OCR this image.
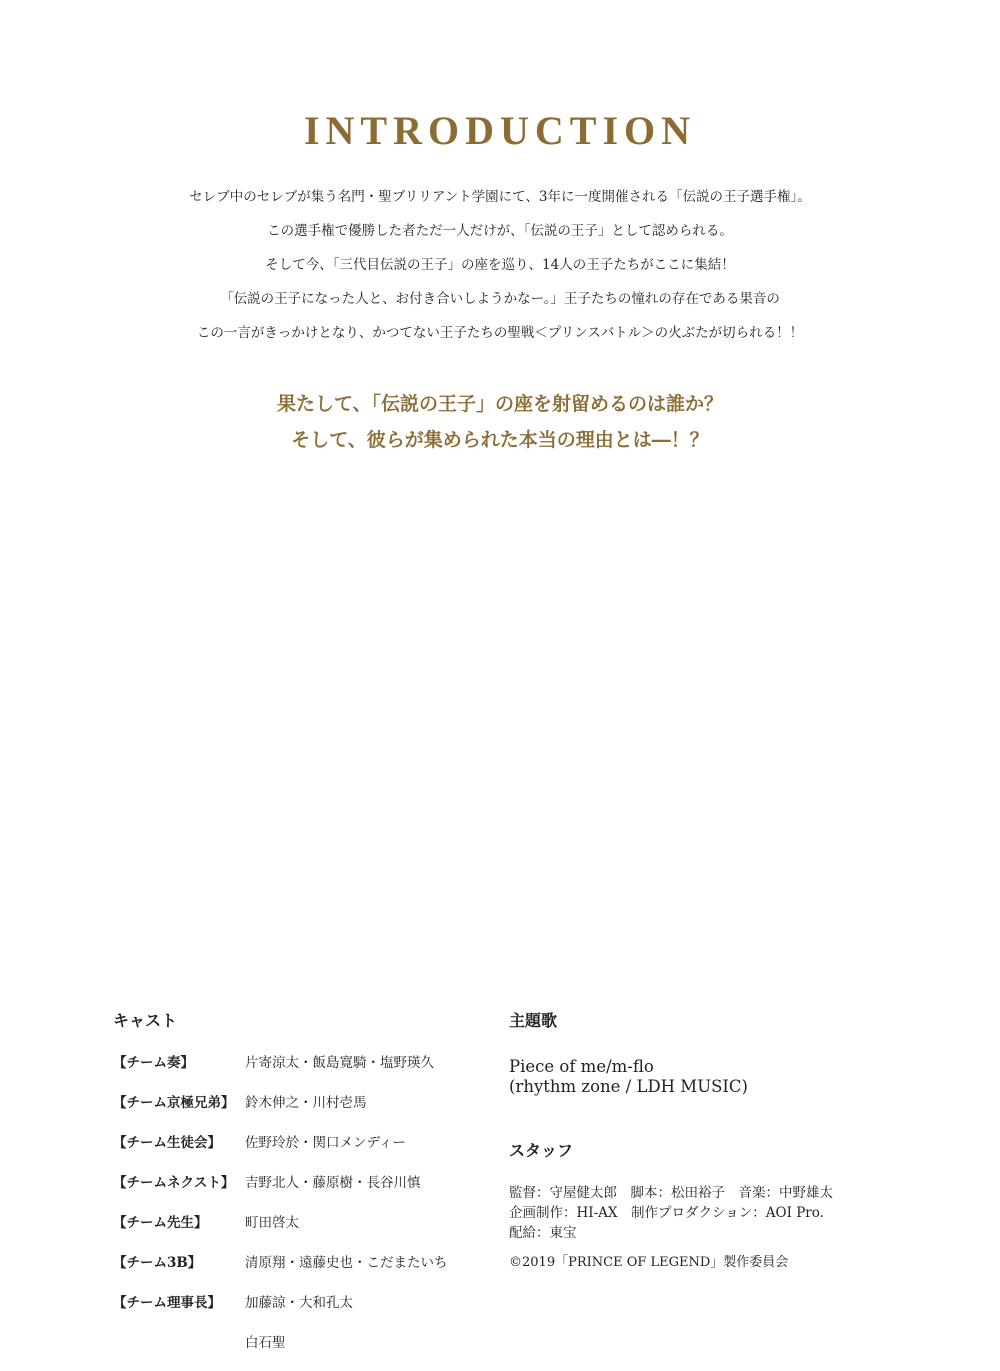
INTRODUCTION
セレブ中のセレブが集う名門・聖ブリリアント学園にて、3年に一度開催される「伝説の王子選手権」。
この選手権で優勝した者ただ一人だけが、「伝説の王子」として認められる。
そして今、「三代目伝説の王子」の座を巡り、14人の王子たちがここに集結！
「伝説の王子になった人と、お付き合いしようかなー。」王子たちの憧れの存在である果音の
この一言がきっかけとなり、かつてない王子たちの聖戦＜プリンスバトル＞の火ぶたが切られる！！
果たして、「伝説の王子」の座を射留めるのは誰か？
そして、彼らが集められた本当の理由とは―！？
キャスト
【チーム奏】	片寄涼太・飯島寛騎・塩野瑛久
【チーム京極兄弟】 鈴木伸之・川村壱馬
【チーム生徒会】	佐野玲於・関口メンディー
【チームネクスト】 吉野北人・藤原樹・長谷川慎
【チーム先生】	町田啓太
【チーム3B】	清原翔・遠藤史也・こだまたいち
【チーム理事長】	加藤諒・大和孔太
白石聖
主題歌
Piece of me/m-flo
(rhythm zone / LDH MUSIC)
スタッフ
監督：守屋健太郎　脚本：松田裕子　音楽：中野雄太
企画制作：HI-AX　制作プロダクション：AOI Pro.
配給：東宝
©2019「PRINCE OF LEGEND」製作委員会
